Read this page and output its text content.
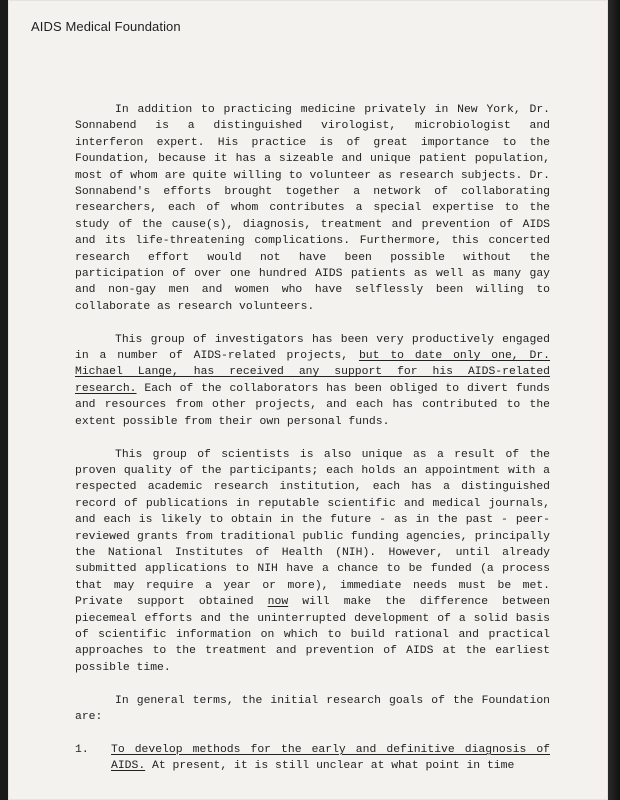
AIDS Medical Foundation

In addition to practicing medicine privately in New York, Dr. Sonnabend is a distinguished virologist, microbiologist and interferon expert. His practice is of great importance to the Foundation, because it has a sizeable and unique patient population, most of whom are quite willing to volunteer as research subjects. Dr. Sonnabend's efforts brought together a network of collaborating researchers, each of whom contributes a special expertise to the study of the cause(s), diagnosis, treatment and prevention of AIDS and its life-threatening complications. Furthermore, this concerted research effort would not have been possible without the participation of over one hundred AIDS patients as well as many gay and non-gay men and women who have selflessly been willing to collaborate as research volunteers.

This group of investigators has been very productively engaged in a number of AIDS-related projects, but to date only one, Dr. Michael Lange, has received any support for his AIDS-related research. Each of the collaborators has been obliged to divert funds and resources from other projects, and each has contributed to the extent possible from their own personal funds.

This group of scientists is also unique as a result of the proven quality of the participants; each holds an appointment with a respected academic research institution, each has a distinguished record of publications in reputable scientific and medical journals, and each is likely to obtain in the future - as in the past - peer-reviewed grants from traditional public funding agencies, principally the National Institutes of Health (NIH). However, until already submitted applications to NIH have a chance to be funded (a process that may require a year or more), immediate needs must be met. Private support obtained now will make the difference between piecemeal efforts and the uninterrupted development of a solid basis of scientific information on which to build rational and practical approaches to the treatment and prevention of AIDS at the earliest possible time.

In general terms, the initial research goals of the Foundation are:

1.	To develop methods for the early and definitive diagnosis of AIDS. At present, it is still unclear at what point in time
